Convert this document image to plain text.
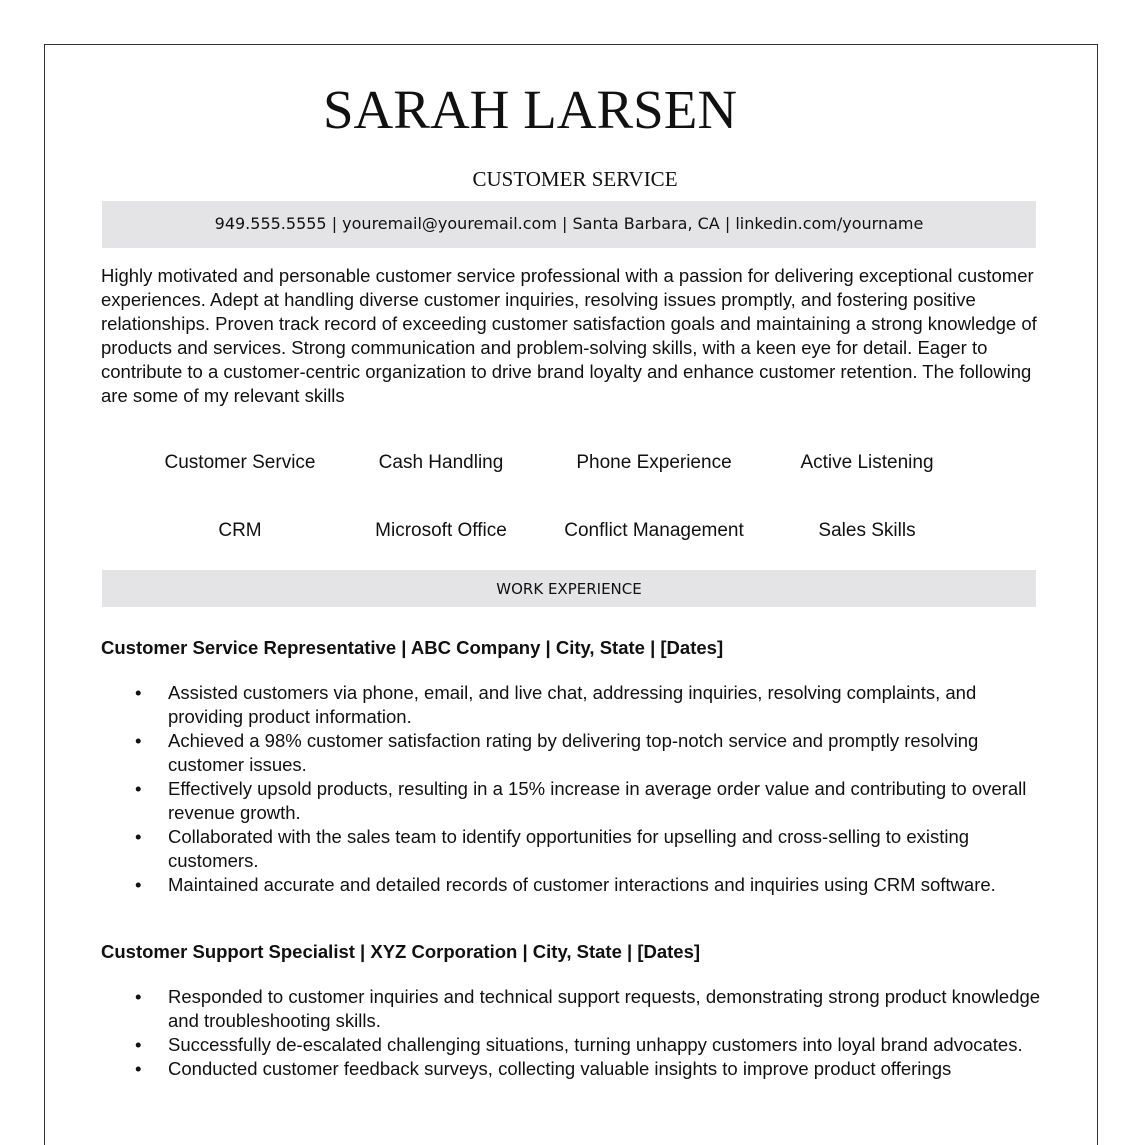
SARAH LARSEN
CUSTOMER SERVICE
949.555.5555 | youremail@youremail.com | Santa Barbara, CA | linkedin.com/yourname
Highly motivated and personable customer service professional with a passion for delivering exceptional customer experiences. Adept at handling diverse customer inquiries, resolving issues promptly, and fostering positive relationships. Proven track record of exceeding customer satisfaction goals and maintaining a strong knowledge of products and services. Strong communication and problem-solving skills, with a keen eye for detail. Eager to contribute to a customer-centric organization to drive brand loyalty and enhance customer retention. The following are some of my relevant skills
Customer Service	Cash Handling	Phone Experience	Active Listening
CRM	Microsoft Office	Conflict Management	Sales Skills
WORK EXPERIENCE
Customer Service Representative | ABC Company | City, State | [Dates]
• Assisted customers via phone, email, and live chat, addressing inquiries, resolving complaints, and providing product information.
• Achieved a 98% customer satisfaction rating by delivering top-notch service and promptly resolving customer issues.
• Effectively upsold products, resulting in a 15% increase in average order value and contributing to overall revenue growth.
• Collaborated with the sales team to identify opportunities for upselling and cross-selling to existing customers.
• Maintained accurate and detailed records of customer interactions and inquiries using CRM software.
Customer Support Specialist | XYZ Corporation | City, State | [Dates]
• Responded to customer inquiries and technical support requests, demonstrating strong product knowledge and troubleshooting skills.
• Successfully de-escalated challenging situations, turning unhappy customers into loyal brand advocates.
• Conducted customer feedback surveys, collecting valuable insights to improve product offerings
